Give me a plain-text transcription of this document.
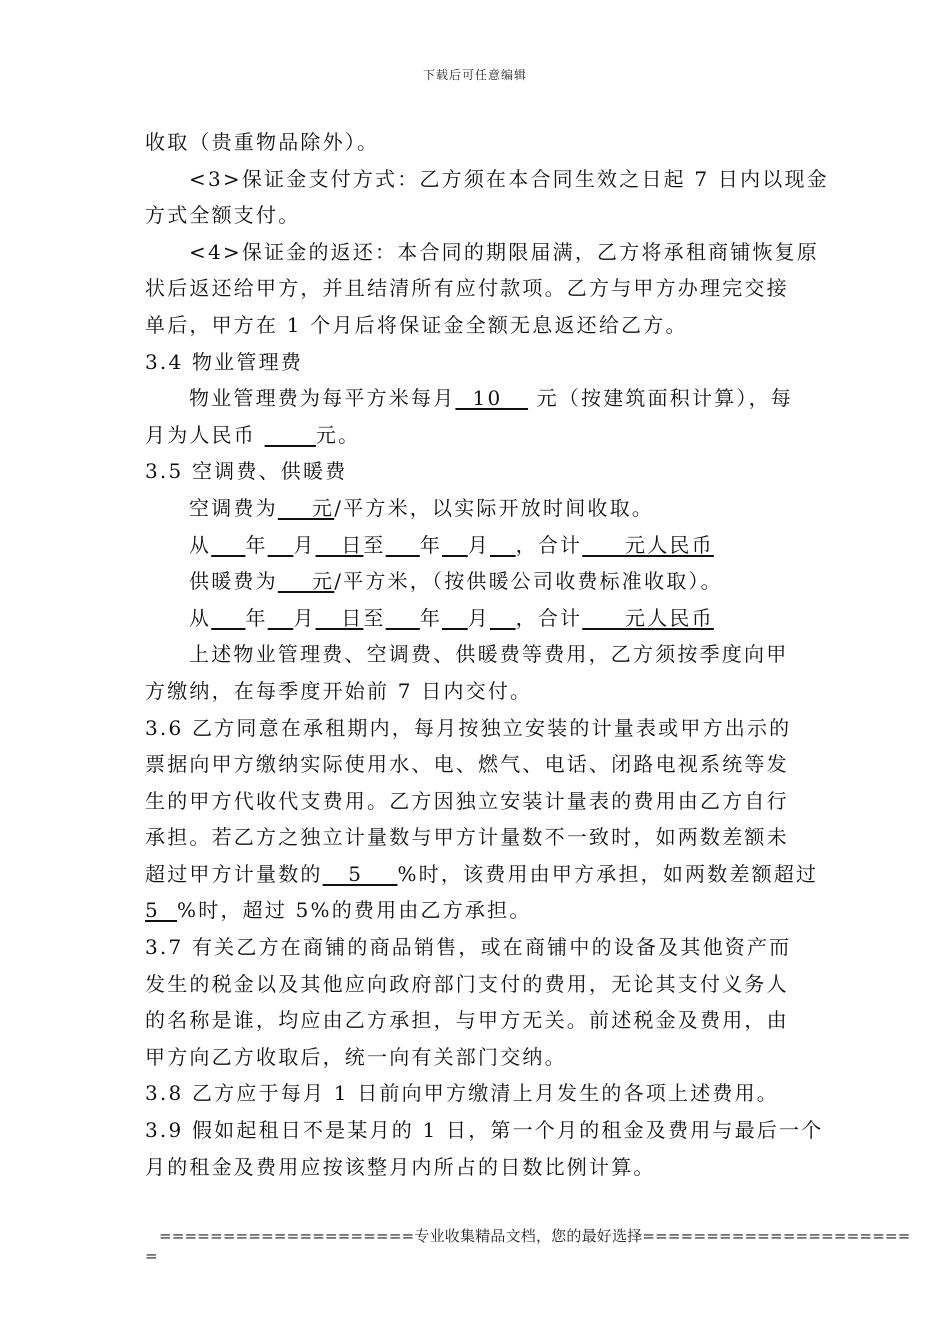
下载后可任意编辑
收取（贵重物品除外）。
<3>保证金支付方式：乙方须在本合同生效之日起 7 日内以现金
方式全额支付。
<4>保证金的返还：本合同的期限届满，乙方将承租商铺恢复原
状后返还给甲方，并且结清所有应付款项。乙方与甲方办理完交接
单后，甲方在 1 个月后将保证金全额无息返还给乙方。
3.4 物业管理费
物业管理费为每平方米每月  10    元（按建筑面积计算），每
月为人民币	元。
3.5 空调费、供暖费
空调费为    元/平方米，以实际开放时间收取。
从 年 月   日至 年 月 ，合计     元人民币
供暖费为    元/平方米，（按供暖公司收费标准收取）。
从 年 月   日至 年 月 ，合计     元人民币
上述物业管理费、空调费、供暖费等费用，乙方须按季度向甲
方缴纳，在每季度开始前 7 日内交付。
3.6 乙方同意在承租期内，每月按独立安装的计量表或甲方出示的
票据向甲方缴纳实际使用水、电、燃气、电话、闭路电视系统等发
生的甲方代收代支费用。乙方因独立安装计量表的费用由乙方自行
承担。若乙方之独立计量数与甲方计量数不一致时，如两数差额未
超过甲方计量数的   5    %时，该费用由甲方承担，如两数差额超过
5  %时，超过 5%的费用由乙方承担。
3.7 有关乙方在商铺的商品销售，或在商铺中的设备及其他资产而
发生的税金以及其他应向政府部门支付的费用，无论其支付义务人
的名称是谁，均应由乙方承担，与甲方无关。前述税金及费用，由
甲方向乙方收取后，统一向有关部门交纳。
3.8 乙方应于每月 1 日前向甲方缴清上月发生的各项上述费用。
3.9 假如起租日不是某月的 1 日，第一个月的租金及费用与最后一个
月的租金及费用应按该整月内所占的日数比例计算。
====================专业收集精品文档，您的最好选择=====================
=
